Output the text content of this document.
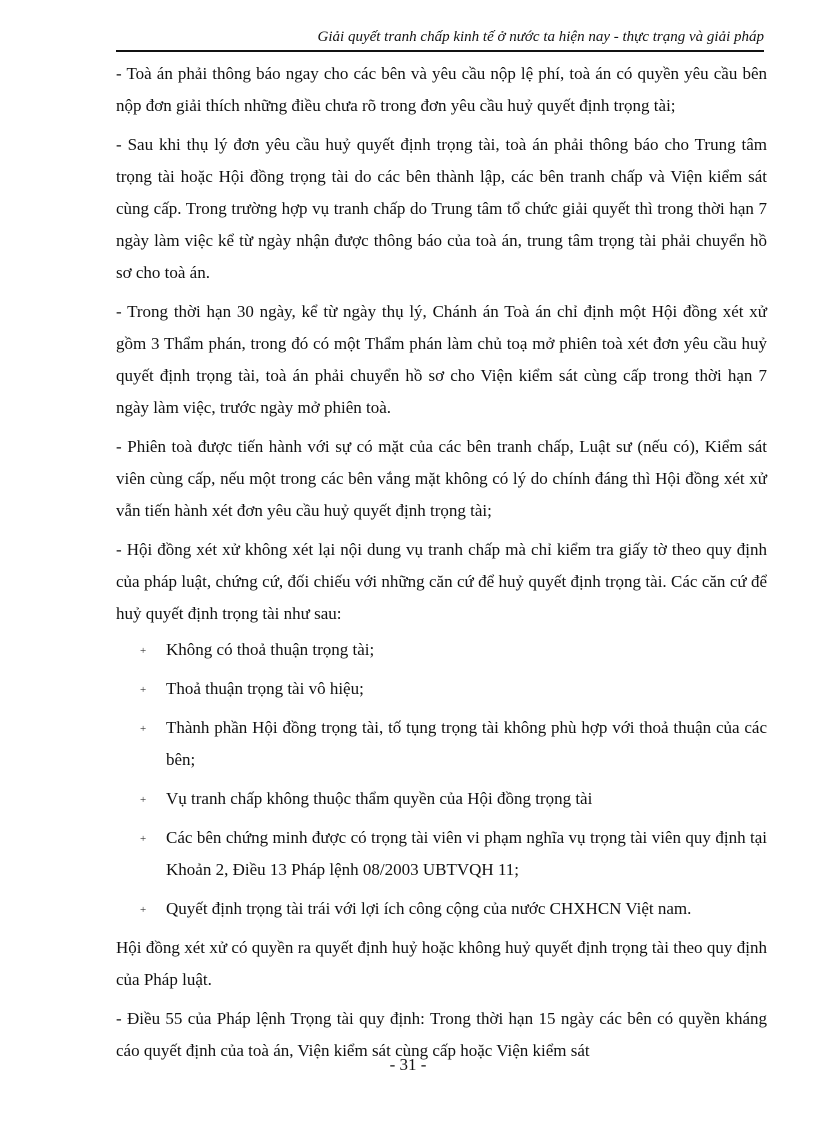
Giải quyết tranh chấp kinh tế ở nước ta hiện nay - thực trạng và giải pháp

- Toà án phải thông báo ngay cho các bên và yêu cầu nộp lệ phí, toà án có quyền yêu cầu bên nộp đơn giải thích những điều chưa rõ trong đơn yêu cầu huỷ quyết định trọng tài;

- Sau khi thụ lý đơn yêu cầu huỷ quyết định trọng tài, toà án phải thông báo cho Trung tâm trọng tài hoặc Hội đồng trọng tài do các bên thành lập, các bên tranh chấp và Viện kiểm sát cùng cấp. Trong trường hợp vụ tranh chấp do Trung tâm tổ chức giải quyết thì trong thời hạn 7 ngày làm việc kể từ ngày nhận được thông báo của toà án, trung tâm trọng tài phải chuyển hồ sơ cho toà án.

- Trong thời hạn 30 ngày, kể từ ngày thụ lý, Chánh án Toà án chỉ định một Hội đồng xét xử gồm 3 Thẩm phán, trong đó có một Thẩm phán làm chủ toạ mở phiên toà xét đơn yêu cầu huỷ quyết định trọng tài, toà án phải chuyển hồ sơ cho Viện kiểm sát cùng cấp trong thời hạn 7 ngày làm việc, trước ngày mở phiên toà.

- Phiên toà được tiến hành với sự có mặt của các bên tranh chấp, Luật sư (nếu có), Kiểm sát viên cùng cấp, nếu một trong các bên vắng mặt không có lý do chính đáng thì Hội đồng xét xử vẫn tiến hành xét đơn yêu cầu huỷ quyết định trọng tài;

- Hội đồng xét xử không xét lại nội dung vụ tranh chấp mà chỉ kiểm tra giấy tờ theo quy định của pháp luật, chứng cứ, đối chiếu với những căn cứ để huỷ quyết định trọng tài. Các căn cứ để huỷ quyết định trọng tài như sau:

+ Không có thoả thuận trọng tài;
+ Thoả thuận trọng tài vô hiệu;
+ Thành phần Hội đồng trọng tài, tố tụng trọng tài không phù hợp với thoả thuận của các bên;
+ Vụ tranh chấp không thuộc thẩm quyền của Hội đồng trọng tài
+ Các bên chứng minh được có trọng tài viên vi phạm nghĩa vụ trọng tài viên quy định tại Khoản 2, Điều 13 Pháp lệnh 08/2003 UBTVQH 11;
+ Quyết định trọng tài trái với lợi ích công cộng của nước CHXHCN Việt nam.

Hội đồng xét xử có quyền ra quyết định huỷ hoặc không huỷ quyết định trọng tài theo quy định của Pháp luật.

- Điều 55 của Pháp lệnh Trọng tài quy định: Trong thời hạn 15 ngày các bên có quyền kháng cáo quyết định của toà án, Viện kiểm sát cùng cấp hoặc Viện kiểm sát

- 31 -
